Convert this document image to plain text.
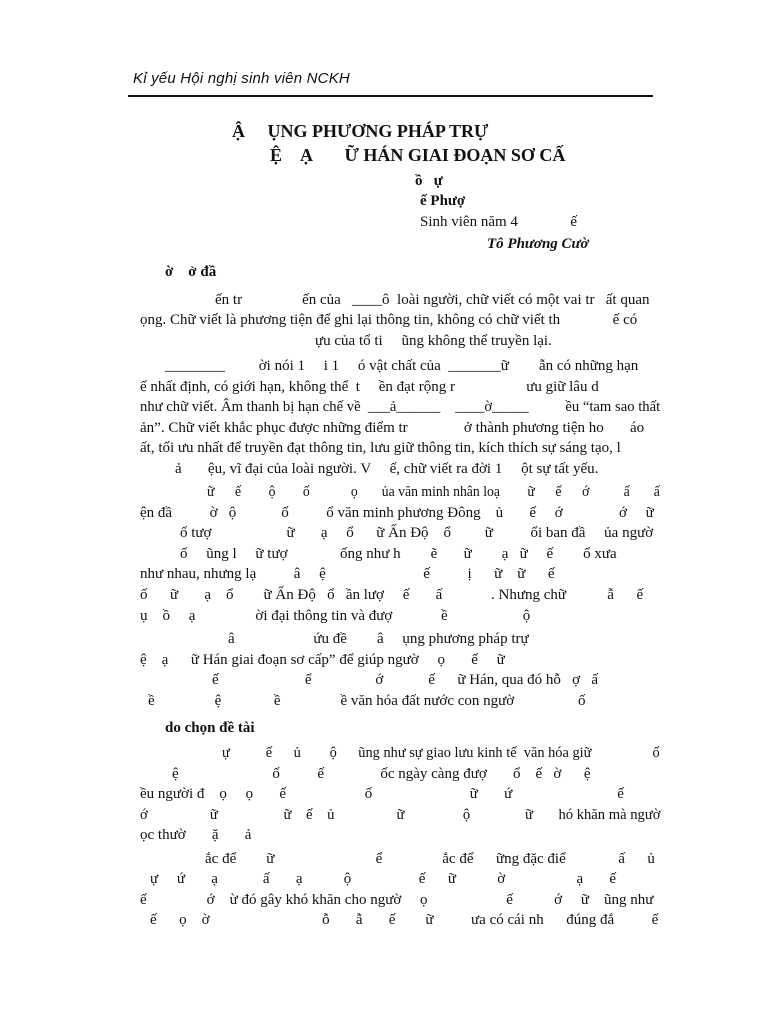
Kỉ yếu Hội nghị sinh viên NCKH
Ậ     ỤNG PHƯƠNG PHÁP TRỰ
Ệ    Ạ       Ữ HÁN GIAI ĐOẠN SƠ CẤ
ồ   ự
ế Phượ
Sinh viên năm 4              ế
Tô Phương Cườ
ờ    ở đầ
ến tr                ến của   ____ô  loài người, chữ viết có một vai tr   ất quan
ọng. Chữ viết là phương tiện để ghi lại thông tin, không có chữ viết th              ế có
ựu của tổ ti     ũng không thể truyền lại.
________         ời nói 1     i 1     ó vật chất của  _______ữ        ẫn có những hạn
ế nhất định, có giới hạn, không thể  t     ền đạt rộng r                   ưu giữ lâu d
như chữ viết. Âm thanh bị hạn chế về  ___ả______    ____ờ_____          ều “tam sao thất
ản”. Chữ viết khắc phục được những điểm tr               ở thành phương tiện ho       áo
ất, tối ưu nhất để truyền đạt thông tin, lưu giữ thông tin, kích thích sự sáng tạo, l
ả       ệu, vĩ đại của loài người. V     ế, chữ viết ra đời 1     ột sự tất yếu.
ữ      ế        ộ        ố            ọ       ủa văn minh nhân loạ        ữ      ế      ớ          ấ       ấ
ện đầ          ờ   ộ            ố          ổ văn minh phương Đông    ủ       ế     ớ               ớ     ữ
ổ tượ                    ữ       ạ     ổ      ữ Ấn Độ    ổ         ữ          ổi ban đầ     ủa ngườ
ố     ũng l     ữ tượ              ống như h        ẽ       ữ        ạ   ữ     ế        ổ xưa
như nhau, nhưng lạ          â     ệ                          ế          ị      ữ    ữ      ế
ố      ữ       ạ    ổ        ữ Ấn Độ   ổ   ần lượ     ế       ấ             . Nhưng chữ           ẫ      ế
ụ    ồ     ạ                ời đại thông tin và đượ             ề                    ộ
â                     ứu đề        â     ụng phương pháp trự
ệ    ạ      ữ Hán giai đoạn sơ cấp” để giúp ngườ     ọ       ế     ữ
ế                       ể                 ớ            ế      ữ Hán, qua đó hỗ   ợ   ấ
ề                ệ              ề                ề văn hóa đất nước con ngườ                 ố
do chọn đề tài
ự          ế      ủ        ộ      ũng như sự giao lưu kinh tế  văn hóa giữ                 ố
ệ                         ố          ế               ốc ngày càng đượ       ổ    ế   ờ      ệ
ều người đ    ọ     ọ       ế                     ố                          ữ       ứ                            ế
ớ                 ữ                  ữ    ế    ủ                 ữ                ộ               ữ       hó khăn mà ngườ
ọc thườ       ặ       ả
ắc để        ữ                           ể                ắc để      ững đặc điể              ấ      ủ
ự     ứ       ạ            ấ       ạ           ộ                  ế      ữ           ờ                   ạ       ế
ế                ớ    ừ đó gây khó khăn cho ngườ     ọ                     ế           ớ     ữ    ũng như
ế      ọ    ờ                              ỗ       ẫ       ế        ữ          ưa có cái nh      đúng đắ          ế
